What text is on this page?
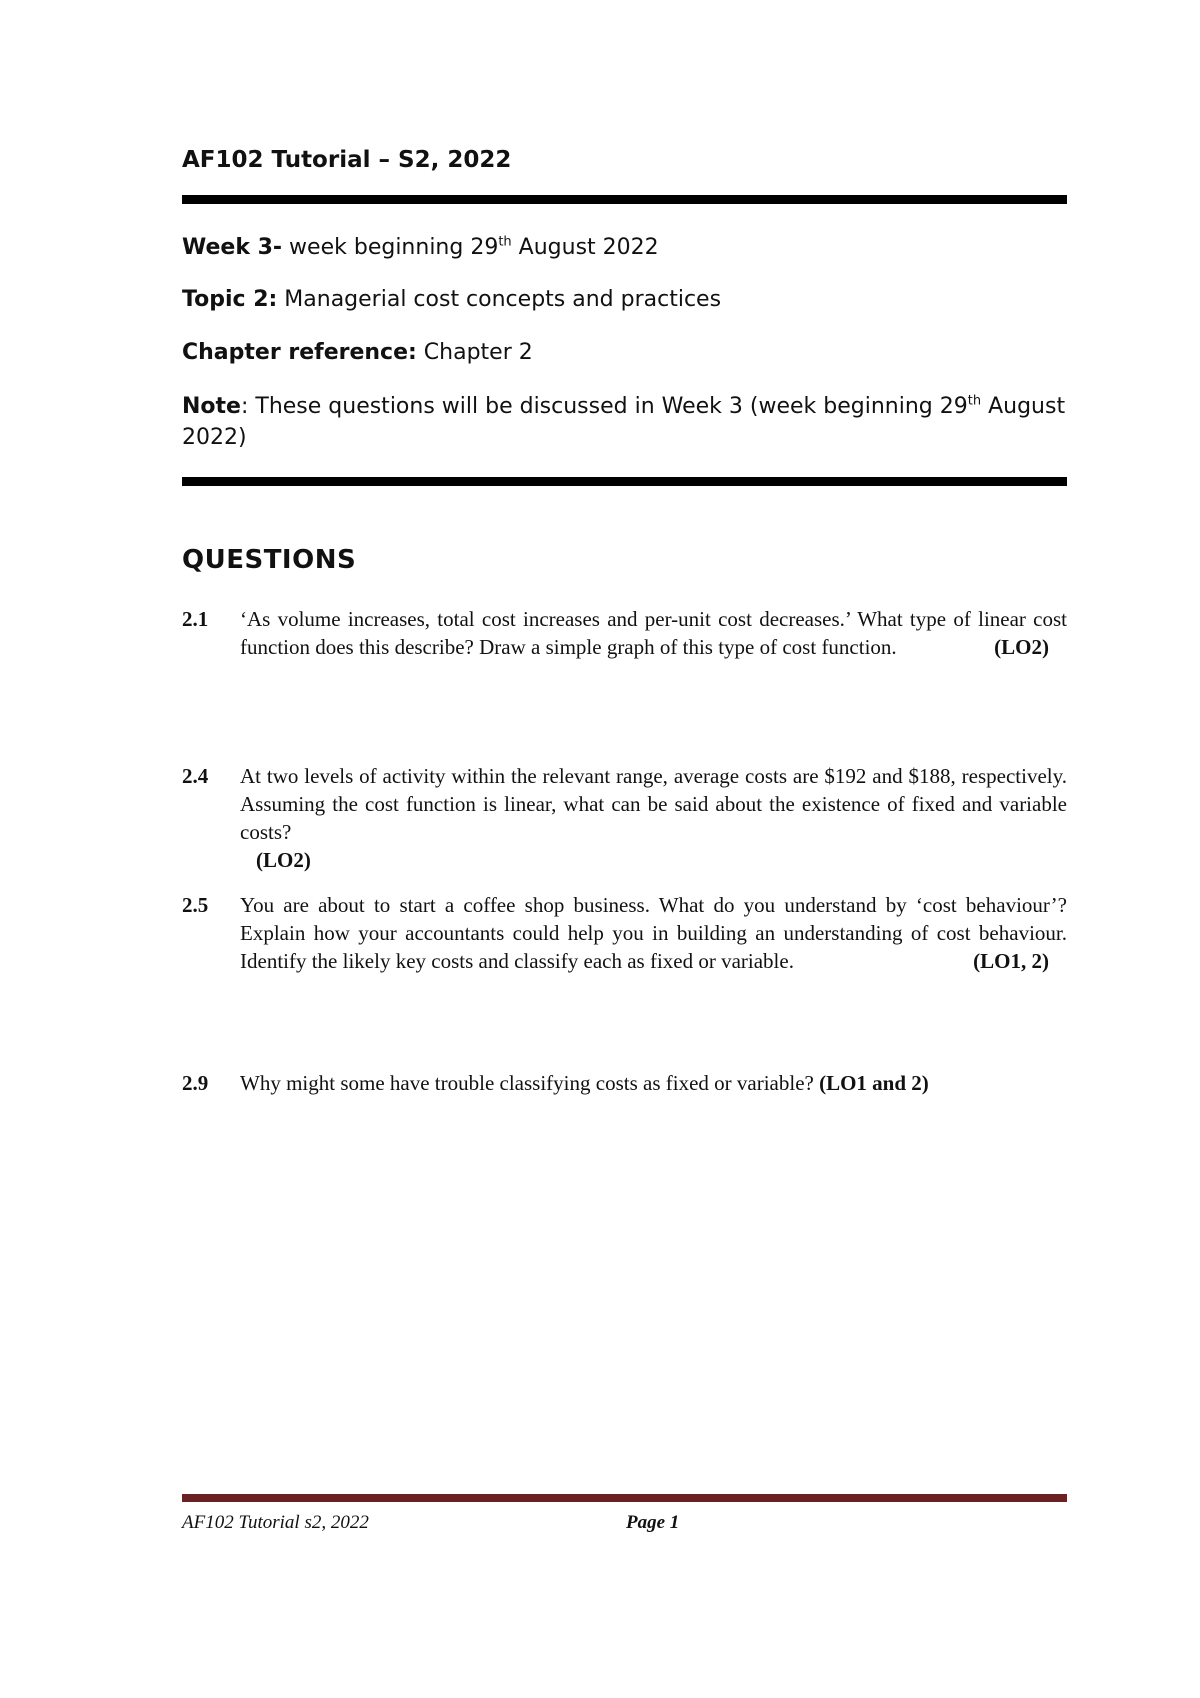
AF102 Tutorial – S2, 2022

Week 3- week beginning 29th August 2022

Topic 2: Managerial cost concepts and practices

Chapter reference: Chapter 2

Note: These questions will be discussed in Week 3 (week beginning 29th August 2022)

QUESTIONS
2.1 ‘As volume increases, total cost increases and per-unit cost decreases.’ What type of linear cost function does this describe? Draw a simple graph of this type of cost function.	(LO2)
2.4 At two levels of activity within the relevant range, average costs are $192 and $188, respectively. Assuming the cost function is linear, what can be said about the existence of fixed and variable costs?
(LO2)
2.5 You are about to start a coffee shop business. What do you understand by ‘cost behaviour’? Explain how your accountants could help you in building an understanding of cost behaviour. Identify the likely key costs and classify each as fixed or variable.	(LO1, 2)
2.9 Why might some have trouble classifying costs as fixed or variable? (LO1 and 2)
AF102 Tutorial s2, 2022	Page 1
